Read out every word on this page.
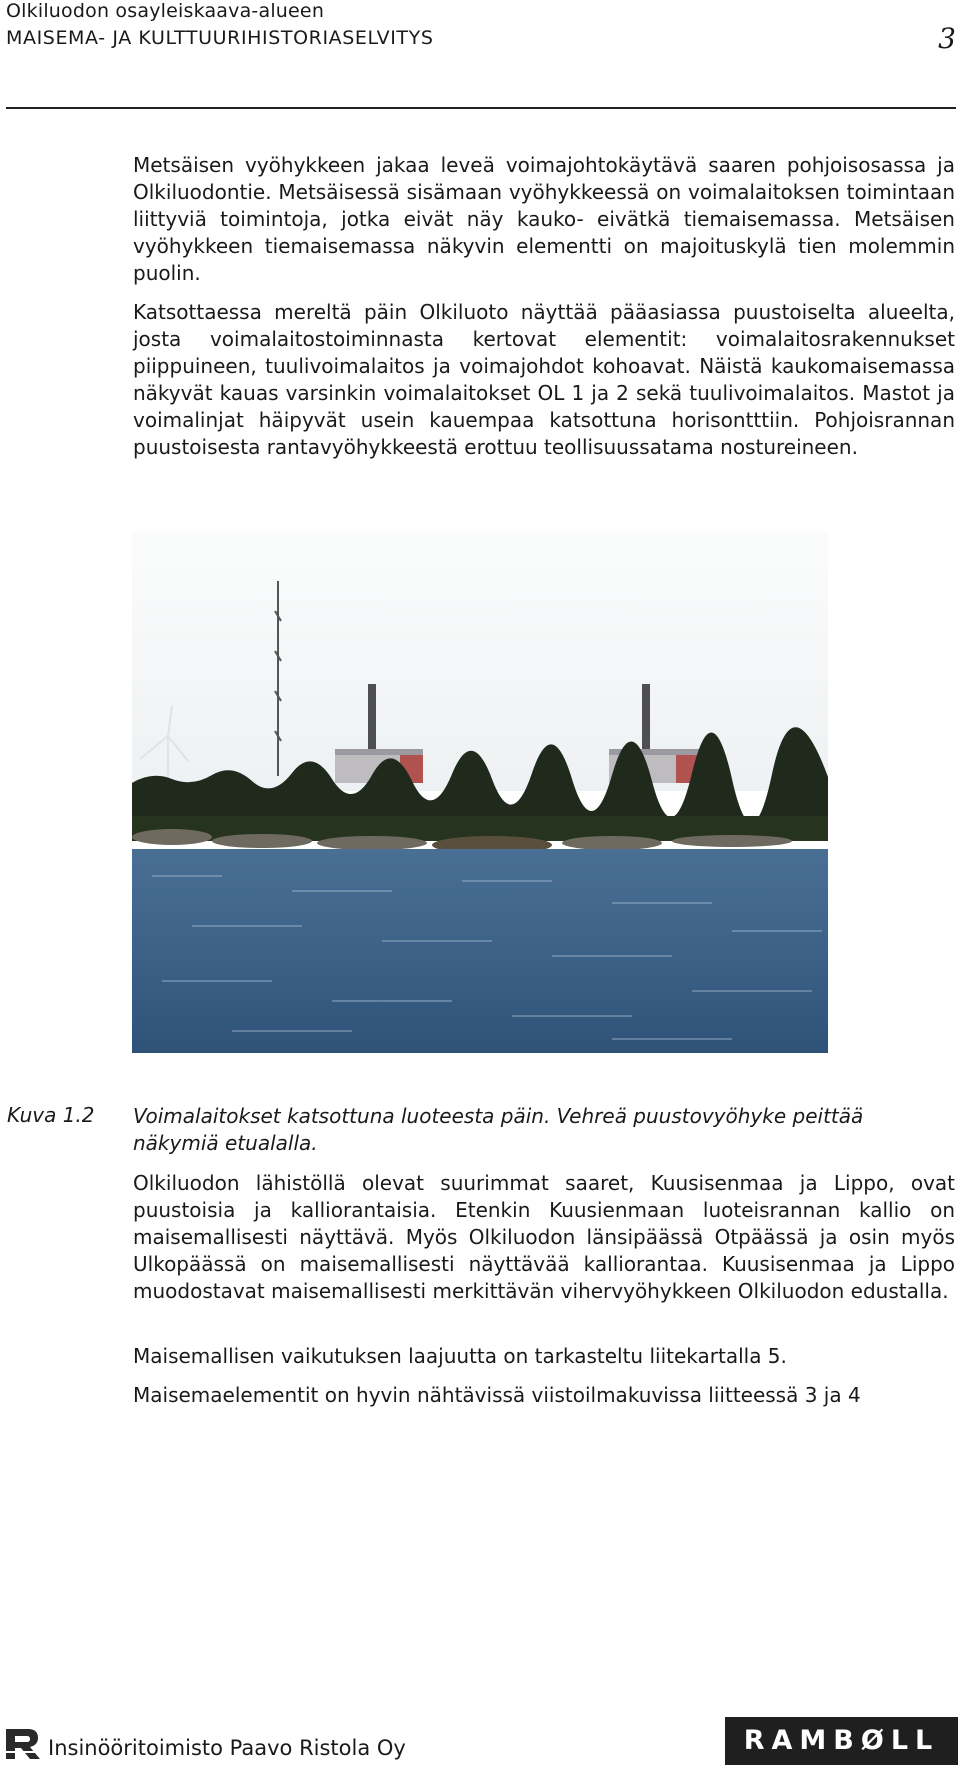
Olkiluodon osayleiskaava-alueen
MAISEMA- JA KULTTUURIHISTORIASELVITYS	3
Metsäisen vyöhykkeen jakaa leveä voimajohtokäytävä saaren pohjoisosassa ja Olkiluodontie. Metsäisessä sisämaan vyöhykkeessä on voimalaitoksen toimintaan liittyviä toimintoja, jotka eivät näy kauko- eivätkä tiemaisemassa. Metsäisen vyöhykkeen tiemaisemassa näkyvin elementti on majoituskylä tien molemmin puolin.
Katsottaessa mereltä päin Olkiluoto näyttää pääasiassa puustoiselta alueelta, josta voimalaitostoiminnasta kertovat elementit: voimalaitosrakennukset piippuineen, tuulivoimalaitos ja voimajohdot kohoavat. Näistä kaukomaisemassa näkyvät kauas varsinkin voimalaitokset OL 1 ja 2 sekä tuulivoimalaitos. Mastot ja voimalinjat häipyvät usein kauempaa katsottuna horisontttiin. Pohjoisrannan puustoisesta rantavyöhykkeestä erottuu teollisuussatama nostureineen.
Kuva 1.2 Voimalaitokset katsottuna luoteesta päin. Vehreä puustovyöhyke peittää näkymiä etualalla.
Olkiluodon lähistöllä olevat suurimmat saaret, Kuusisenmaa ja Lippo, ovat puustoisia ja kalliorantaisia. Etenkin Kuusienmaan luoteisrannan kallio on maisemallisesti näyttävä. Myös Olkiluodon länsipäässä Otpäässä ja osin myös Ulkopäässä on maisemallisesti näyttävää kalliorantaa. Kuusisenmaa ja Lippo muodostavat maisemallisesti merkittävän vihervyöhykkeen Olkiluodon edustalla.
Maisemallisen vaikutuksen laajuutta on tarkasteltu liitekartalla 5.
Maisemaelementit on hyvin nähtävissä viistoilmakuvissa liitteessä 3 ja 4
Insinööritoimisto Paavo Ristola Oy	RAMBØLL
